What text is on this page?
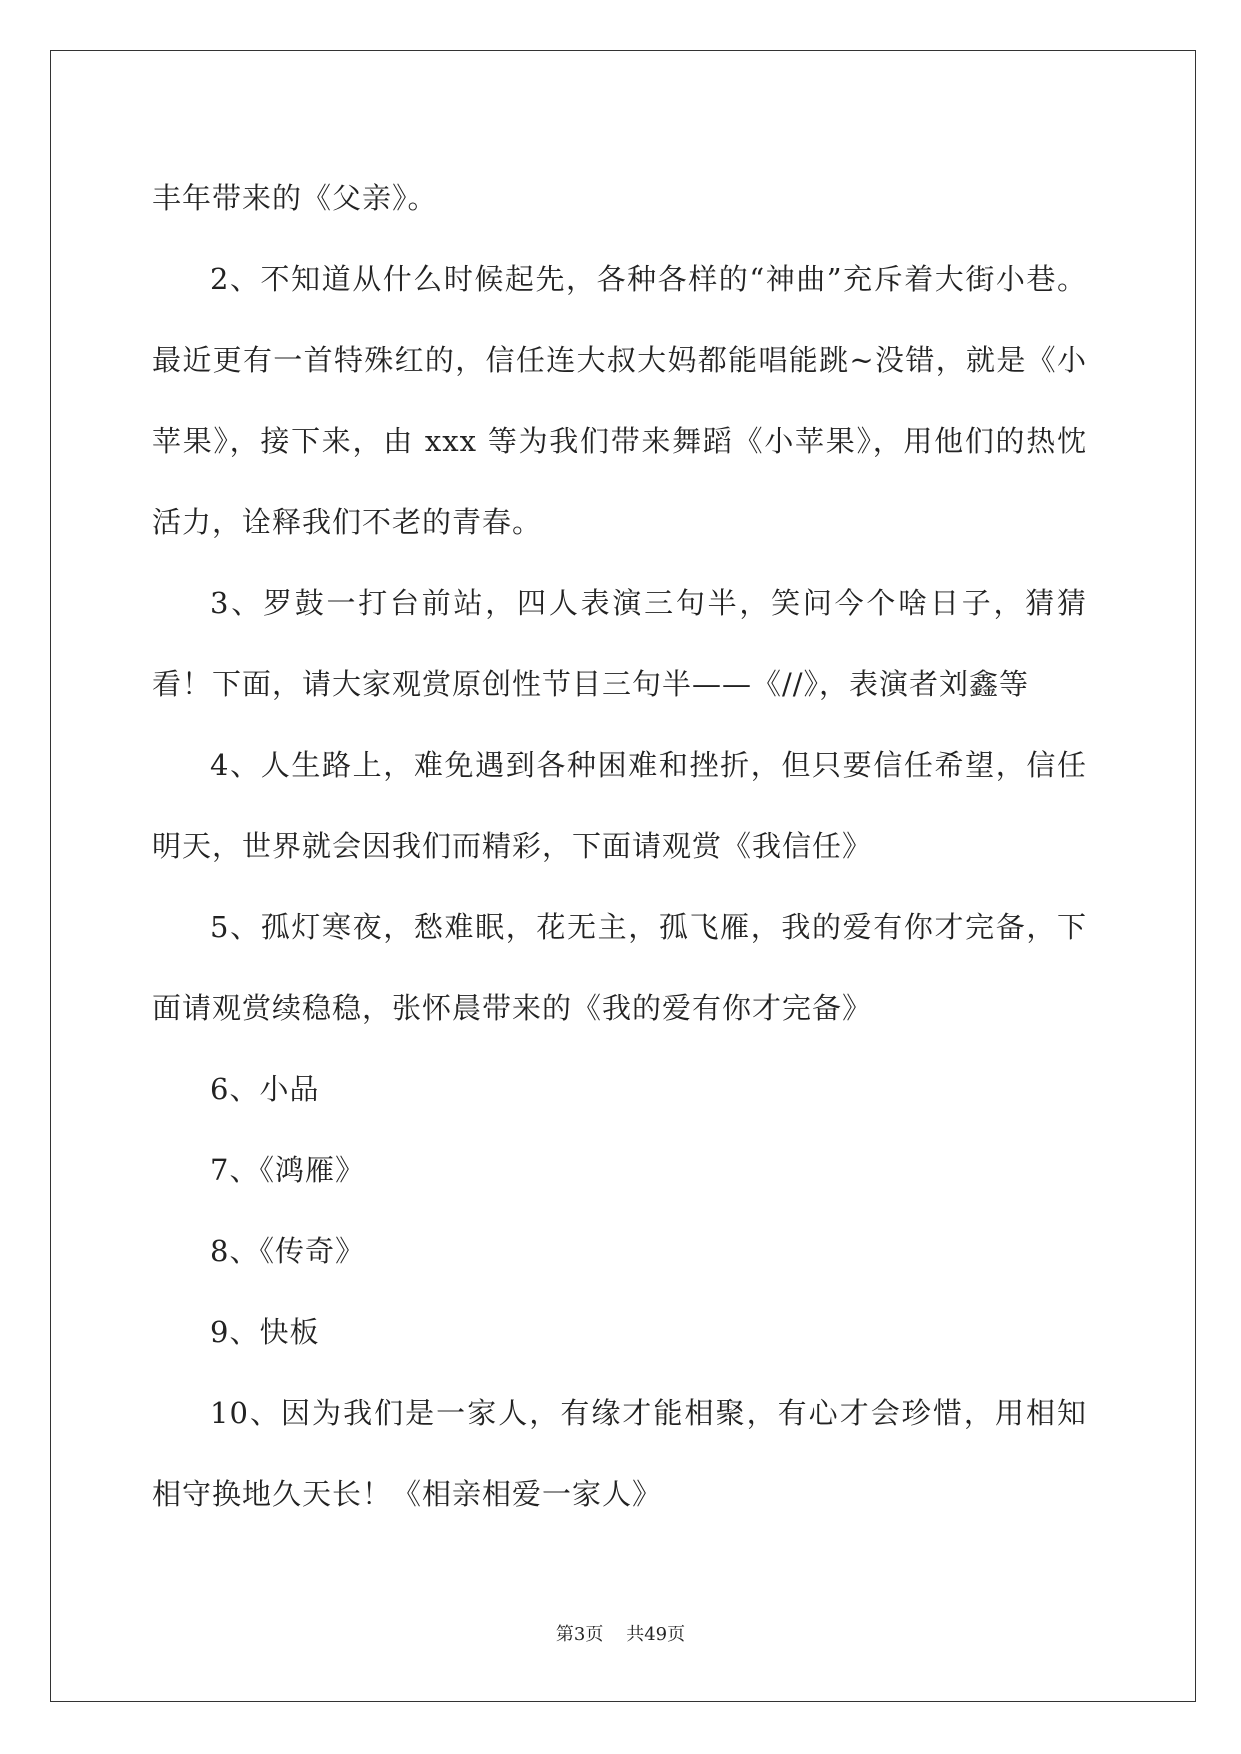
丰年带来的《父亲》。

2、不知道从什么时候起先，各种各样的“神曲”充斥着大街小巷。最近更有一首特殊红的，信任连大叔大妈都能唱能跳~没错，就是《小苹果》，接下来，由 xxx 等为我们带来舞蹈《小苹果》，用他们的热忱活力，诠释我们不老的青春。

3、罗鼓一打台前站，四人表演三句半，笑问今个啥日子，猜猜看！下面，请大家观赏原创性节目三句半——《//》，表演者刘鑫等

4、人生路上，难免遇到各种困难和挫折，但只要信任希望，信任明天，世界就会因我们而精彩，下面请观赏《我信任》

5、孤灯寒夜，愁难眠，花无主，孤飞雁，我的爱有你才完备，下面请观赏续稳稳，张怀晨带来的《我的爱有你才完备》

6、小品

7、《鸿雁》

8、《传奇》

9、快板

10、因为我们是一家人，有缘才能相聚，有心才会珍惜，用相知相守换地久天长！《相亲相爱一家人》

第3页 共49页
